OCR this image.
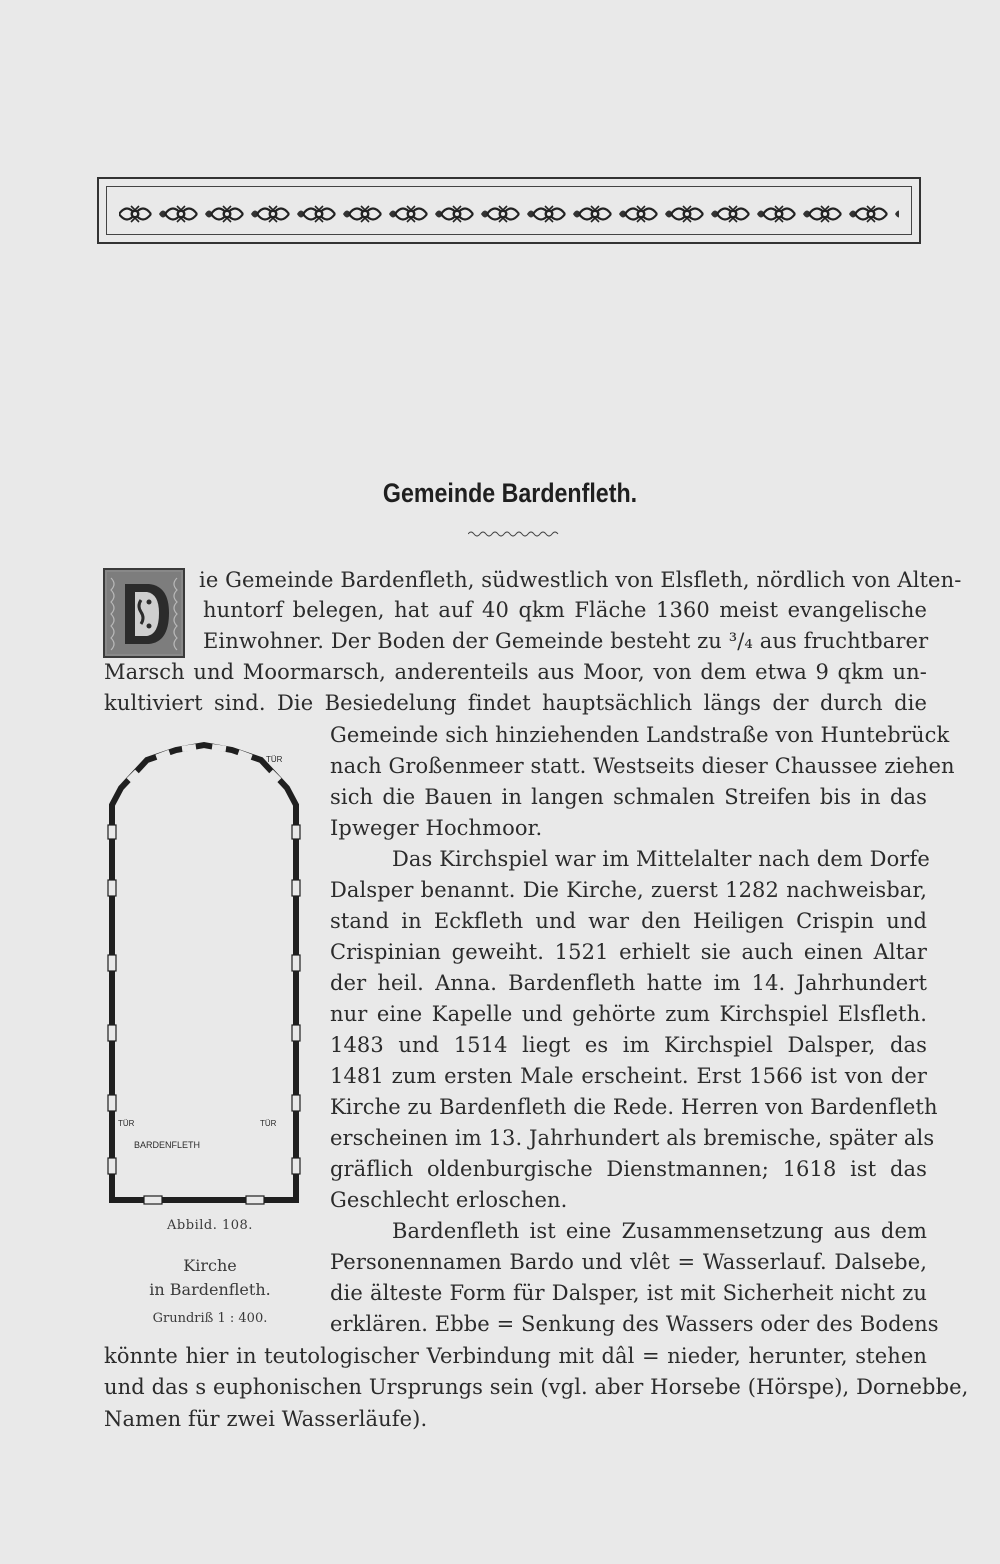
Gemeinde Bardenfleth.
ie Gemeinde Bardenfleth, südwestlich von Elsfleth, nördlich von Alten-
huntorf belegen, hat auf 40 qkm Fläche 1360 meist evangelische
Einwohner. Der Boden der Gemeinde besteht zu ³/₄ aus fruchtbarer
Marsch und Moormarsch, anderenteils aus Moor, von dem etwa 9 qkm un-
kultiviert sind. Die Besiedelung findet hauptsächlich längs der durch die
Gemeinde sich hinziehenden Landstraße von Huntebrück
nach Großenmeer statt. Westseits dieser Chaussee ziehen
sich die Bauen in langen schmalen Streifen bis in das
Ipweger Hochmoor.
Das Kirchspiel war im Mittelalter nach dem Dorfe
Dalsper benannt. Die Kirche, zuerst 1282 nachweisbar,
stand in Eckfleth und war den Heiligen Crispin und
Crispinian geweiht. 1521 erhielt sie auch einen Altar
der heil. Anna. Bardenfleth hatte im 14. Jahrhundert
nur eine Kapelle und gehörte zum Kirchspiel Elsfleth.
1483 und 1514 liegt es im Kirchspiel Dalsper, das
1481 zum ersten Male erscheint. Erst 1566 ist von der
Kirche zu Bardenfleth die Rede. Herren von Bardenfleth
erscheinen im 13. Jahrhundert als bremische, später als
gräflich oldenburgische Dienstmannen; 1618 ist das
Geschlecht erloschen.
Bardenfleth ist eine Zusammensetzung aus dem
Personennamen Bardo und vlêt = Wasserlauf. Dalsebe,
die älteste Form für Dalsper, ist mit Sicherheit nicht zu
erklären. Ebbe = Senkung des Wassers oder des Bodens
könnte hier in teutologischer Verbindung mit dâl = nieder, herunter, stehen
und das s euphonischen Ursprungs sein (vgl. aber Horsebe (Hörspe), Dornebbe,
Namen für zwei Wasserläufe).
TÜR
TÜR	TÜR
BARDENFLETH
Abbild. 108.
Kirche
in Bardenfleth.
Grundriß 1 : 400.
